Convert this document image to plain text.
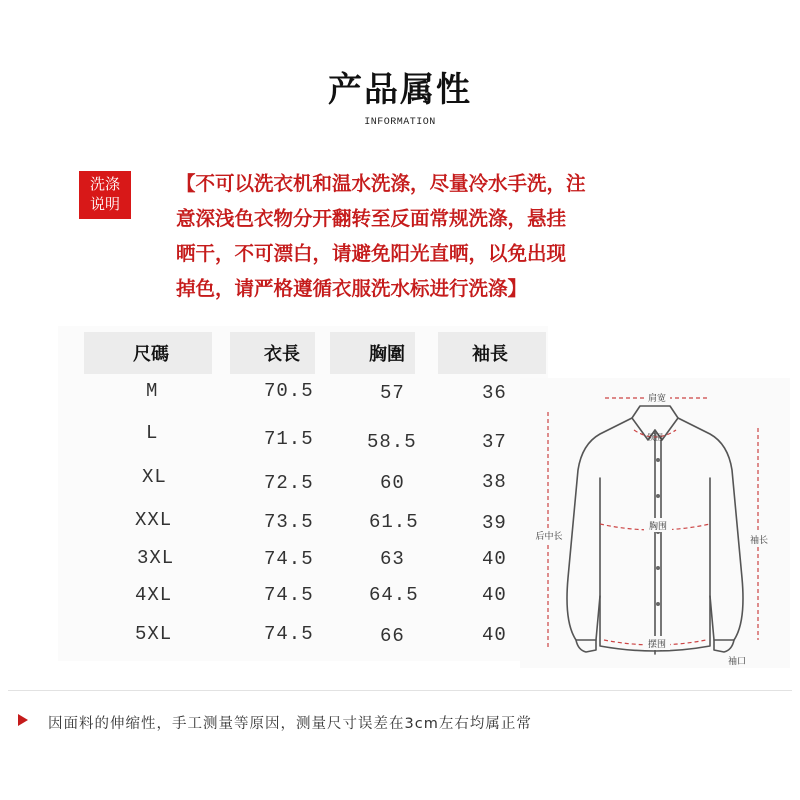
产品属性
INFORMATION
洗涤
说明
【不可以洗衣机和温水洗涤，尽量冷水手洗，注
意深浅色衣物分开翻转至反面常规洗涤，悬挂
晒干，不可漂白，请避免阳光直晒，以免出现
掉色，请严格遵循衣服洗水标进行洗涤】
尺碼	衣長	胸圍	袖長
M	70.5	57	36
L	71.5	58.5	37
XL	72.5	60	38
XXL	73.5	61.5	39
3XL	74.5	63	40
4XL	74.5	64.5	40
5XL	74.5	66	40
肩宽
领围
胸围
后中长	袖长
摆围
袖口
因面料的伸缩性，手工测量等原因，测量尺寸误差在3cm左右均属正常
